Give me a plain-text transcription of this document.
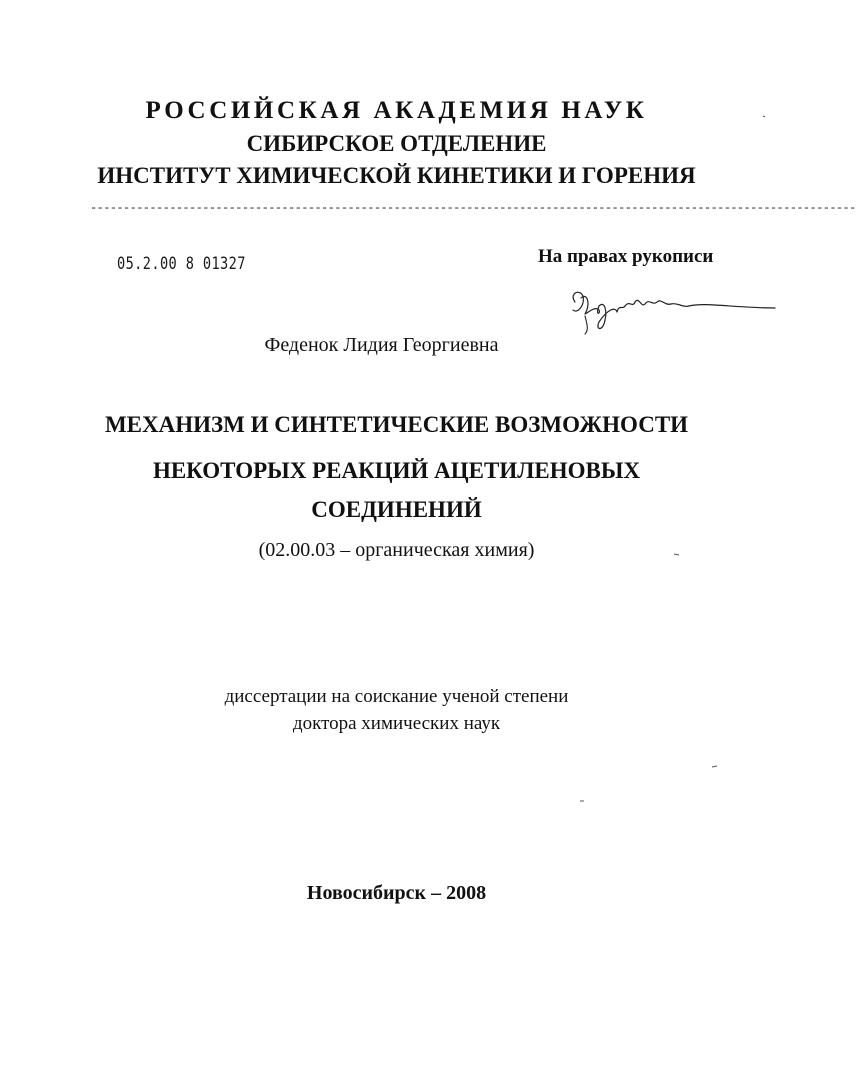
РОССИЙСКАЯ АКАДЕМИЯ НАУК
СИБИРСКОЕ ОТДЕЛЕНИЕ
ИНСТИТУТ ХИМИЧЕСКОЙ КИНЕТИКИ И ГОРЕНИЯ
--------------------------------------------------------------------------------------------------------------------
05.2.00 8 01327	На правах рукописи
Феденок Лидия Георгиевна
МЕХАНИЗМ И СИНТЕТИЧЕСКИЕ ВОЗМОЖНОСТИ
НЕКОТОРЫХ РЕАКЦИЙ АЦЕТИЛЕНОВЫХ
СОЕДИНЕНИЙ
(02.00.03 – органическая химия)
диссертации на соискание ученой степени
доктора химических наук
Новосибирск – 2008
